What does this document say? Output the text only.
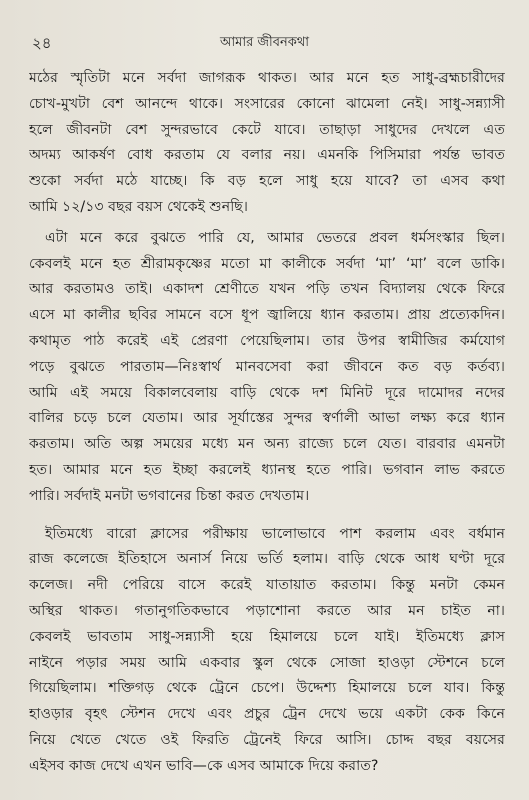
২৪	আমার জীবনকথা
মঠের স্মৃতিটা মনে সর্বদা জাগরূক থাকত। আর মনে হত সাধু-ব্রহ্মচারীদের
চোখ-মুখটা বেশ আনন্দে থাকে। সংসারের কোনো ঝামেলা নেই। সাধু-সন্ন্যাসী
হলে জীবনটা বেশ সুন্দরভাবে কেটে যাবে। তাছাড়া সাধুদের দেখলে এত
অদম্য আকর্ষণ বোধ করতাম যে বলার নয়। এমনকি পিসিমারা পর্যন্ত ভাবত
শুকো সর্বদা মঠে যাচ্ছে। কি বড় হলে সাধু হয়ে যাবে? তা এসব কথা
আমি ১২/১৩ বছর বয়স থেকেই শুনছি।
এটা মনে করে বুঝতে পারি যে, আমার ভেতরে প্রবল ধর্মসংস্কার ছিল।
কেবলই মনে হত শ্রীরামকৃষ্ণের মতো মা কালীকে সর্বদা ‘মা’ ‘মা’ বলে ডাকি।
আর করতামও তাই। একাদশ শ্রেণীতে যখন পড়ি তখন বিদ্যালয় থেকে ফিরে
এসে মা কালীর ছবির সামনে বসে ধূপ জ্বালিয়ে ধ্যান করতাম। প্রায় প্রত্যেকদিন।
কথামৃত পাঠ করেই এই প্রেরণা পেয়েছিলাম। তার উপর স্বামীজির কর্মযোগ
পড়ে বুঝতে পারতাম—নিঃস্বার্থ মানবসেবা করা জীবনে কত বড় কর্তব্য।
আমি এই সময়ে বিকালবেলায় বাড়ি থেকে দশ মিনিট দূরে দামোদর নদের
বালির চড়ে চলে যেতাম। আর সূর্যাস্তের সুন্দর স্বর্ণালী আভা লক্ষ্য করে ধ্যান
করতাম। অতি অল্প সময়ের মধ্যে মন অন্য রাজ্যে চলে যেত। বারবার এমনটা
হত। আমার মনে হত ইচ্ছা করলেই ধ্যানস্থ হতে পারি। ভগবান লাভ করতে
পারি। সর্বদাই মনটা ভগবানের চিন্তা করত দেখতাম।
ইতিমধ্যে বারো ক্লাসের পরীক্ষায় ভালোভাবে পাশ করলাম এবং বর্ধমান
রাজ কলেজে ইতিহাসে অনার্স নিয়ে ভর্তি হলাম। বাড়ি থেকে আধ ঘণ্টা দূরে
কলেজ। নদী পেরিয়ে বাসে করেই যাতায়াত করতাম। কিন্তু মনটা কেমন
অস্থির থাকত। গতানুগতিকভাবে পড়াশোনা করতে আর মন চাইত না।
কেবলই ভাবতাম সাধু-সন্ন্যাসী হয়ে হিমালয়ে চলে যাই। ইতিমধ্যে ক্লাস
নাইনে পড়ার সময় আমি একবার স্কুল থেকে সোজা হাওড়া স্টেশনে চলে
গিয়েছিলাম। শক্তিগড় থেকে ট্রেনে চেপে। উদ্দেশ্য হিমালয়ে চলে যাব। কিন্তু
হাওড়ার বৃহৎ স্টেশন দেখে এবং প্রচুর ট্রেন দেখে ভয়ে একটা কেক কিনে
নিয়ে খেতে খেতে ওই ফিরতি ট্রেনেই ফিরে আসি। চোদ্দ বছর বয়সের
এইসব কাজ দেখে এখন ভাবি—কে এসব আমাকে দিয়ে করাত?
